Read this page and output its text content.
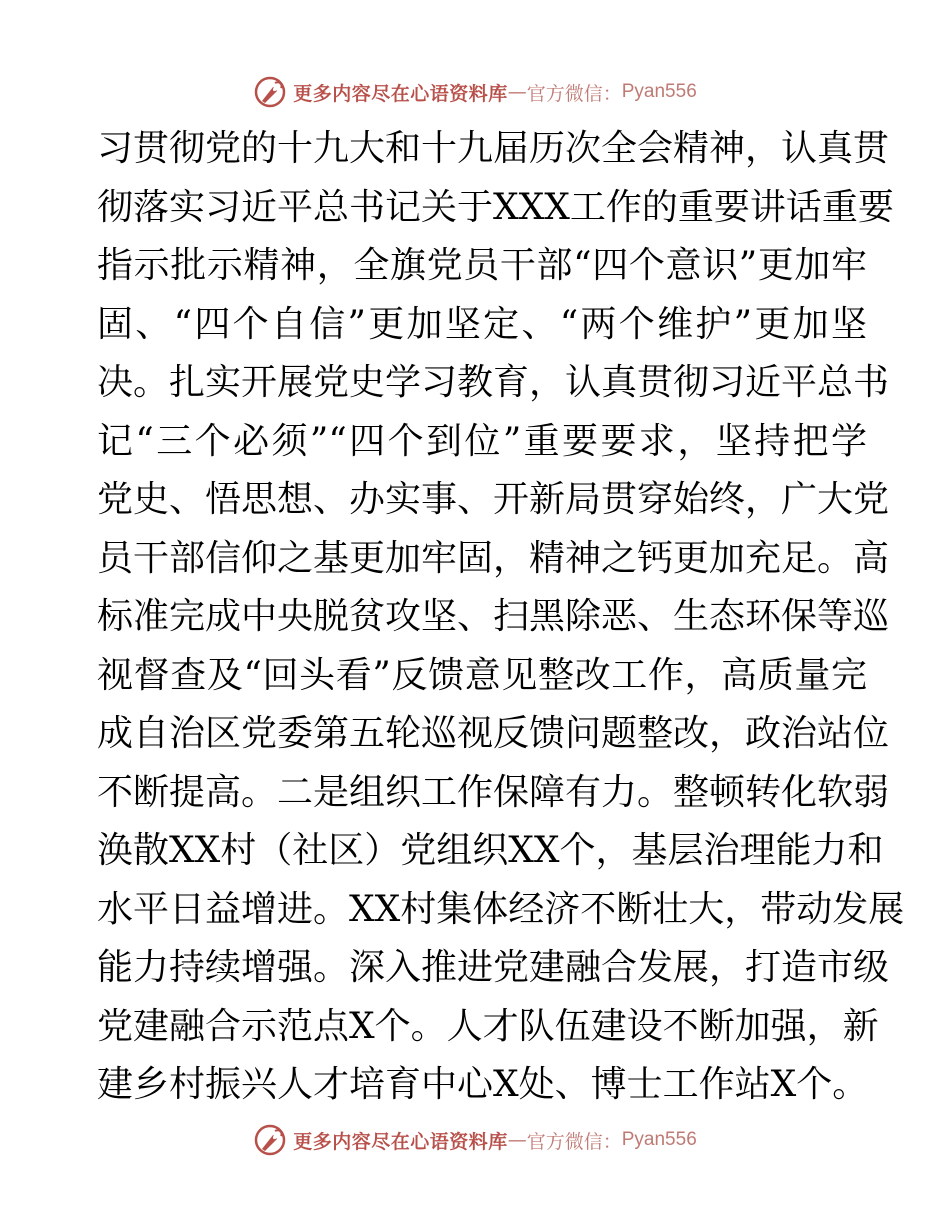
更多内容尽在心语资料库 — 官方微信： Pyan556
习贯彻党的十九大和十九届历次全会精神，认真贯
彻落实习近平总书记关于XXX工作的重要讲话重要
指示批示精神，全旗党员干部“四个意识”更加牢
固、“四个自信”更加坚定、“两个维护”更加坚
决。扎实开展党史学习教育，认真贯彻习近平总书
记“三个必须”“四个到位”重要要求，坚持把学
党史、悟思想、办实事、开新局贯穿始终，广大党
员干部信仰之基更加牢固，精神之钙更加充足。高
标准完成中央脱贫攻坚、扫黑除恶、生态环保等巡
视督查及“回头看”反馈意见整改工作，高质量完
成自治区党委第五轮巡视反馈问题整改，政治站位
不断提高。二是组织工作保障有力。整顿转化软弱
涣散XX村（社区）党组织XX个，基层治理能力和
水平日益增进。XX村集体经济不断壮大，带动发展
能力持续增强。深入推进党建融合发展，打造市级
党建融合示范点X个。人才队伍建设不断加强，新
建乡村振兴人才培育中心X处、博士工作站X个。
更多内容尽在心语资料库 — 官方微信： Pyan556
